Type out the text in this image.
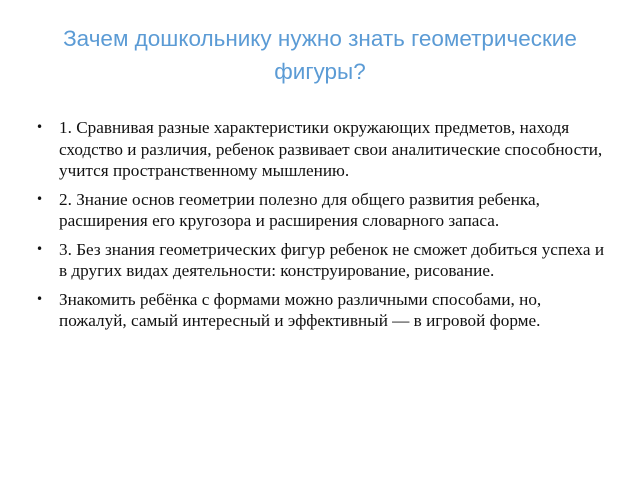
Зачем дошкольнику нужно знать геометрические фигуры?
• 1. Сравнивая разные характеристики окружающих предметов, находя сходство и различия, ребенок развивает свои аналитические способности, учится пространственному мышлению.
• 2. Знание основ геометрии полезно для общего развития ребенка, расширения его кругозора и расширения словарного запаса.
• 3. Без знания геометрических фигур ребенок не сможет добиться успеха и в других видах деятельности: конструирование, рисование.
• Знакомить ребёнка с формами можно различными способами, но, пожалуй, самый интересный и эффективный — в игровой форме.
